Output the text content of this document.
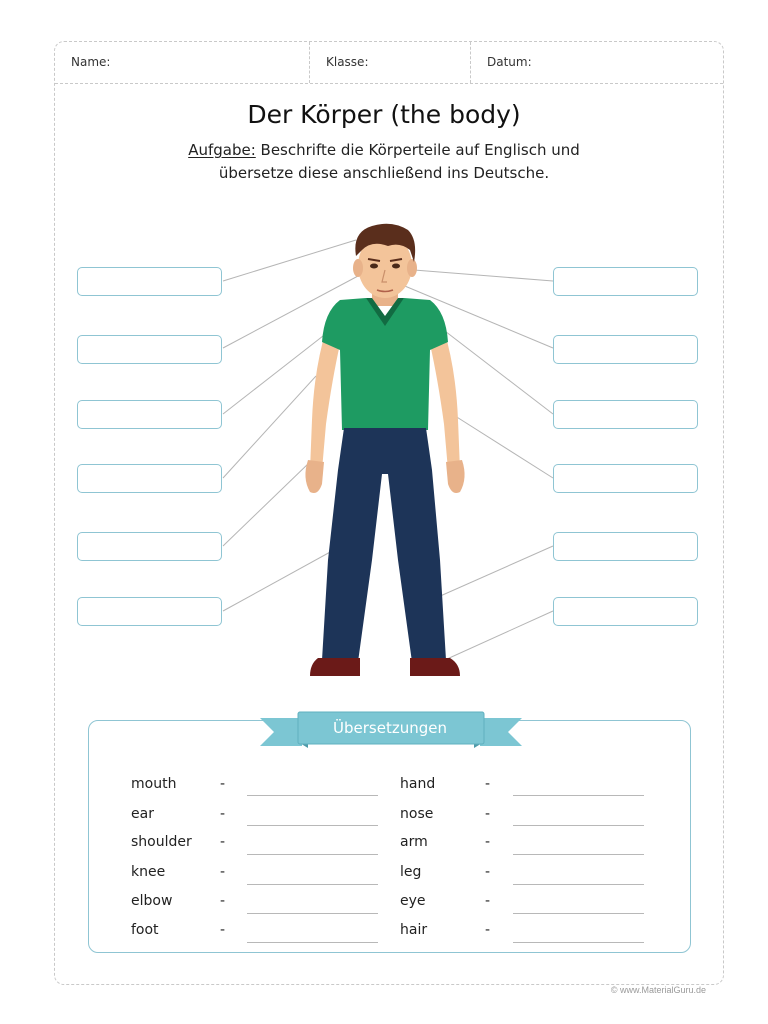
Name:	Klasse:	Datum:
Der Körper (the body)
Aufgabe: Beschrifte die Körperteile auf Englisch und
übersetze diese anschließend ins Deutsche.
Übersetzungen
mouth
ear
shoulder
knee
elbow
foot
-
-
-
-
-
-
hand
nose
arm
leg
eye
hair
-
-
-
-
-
-
© www.MaterialGuru.de
